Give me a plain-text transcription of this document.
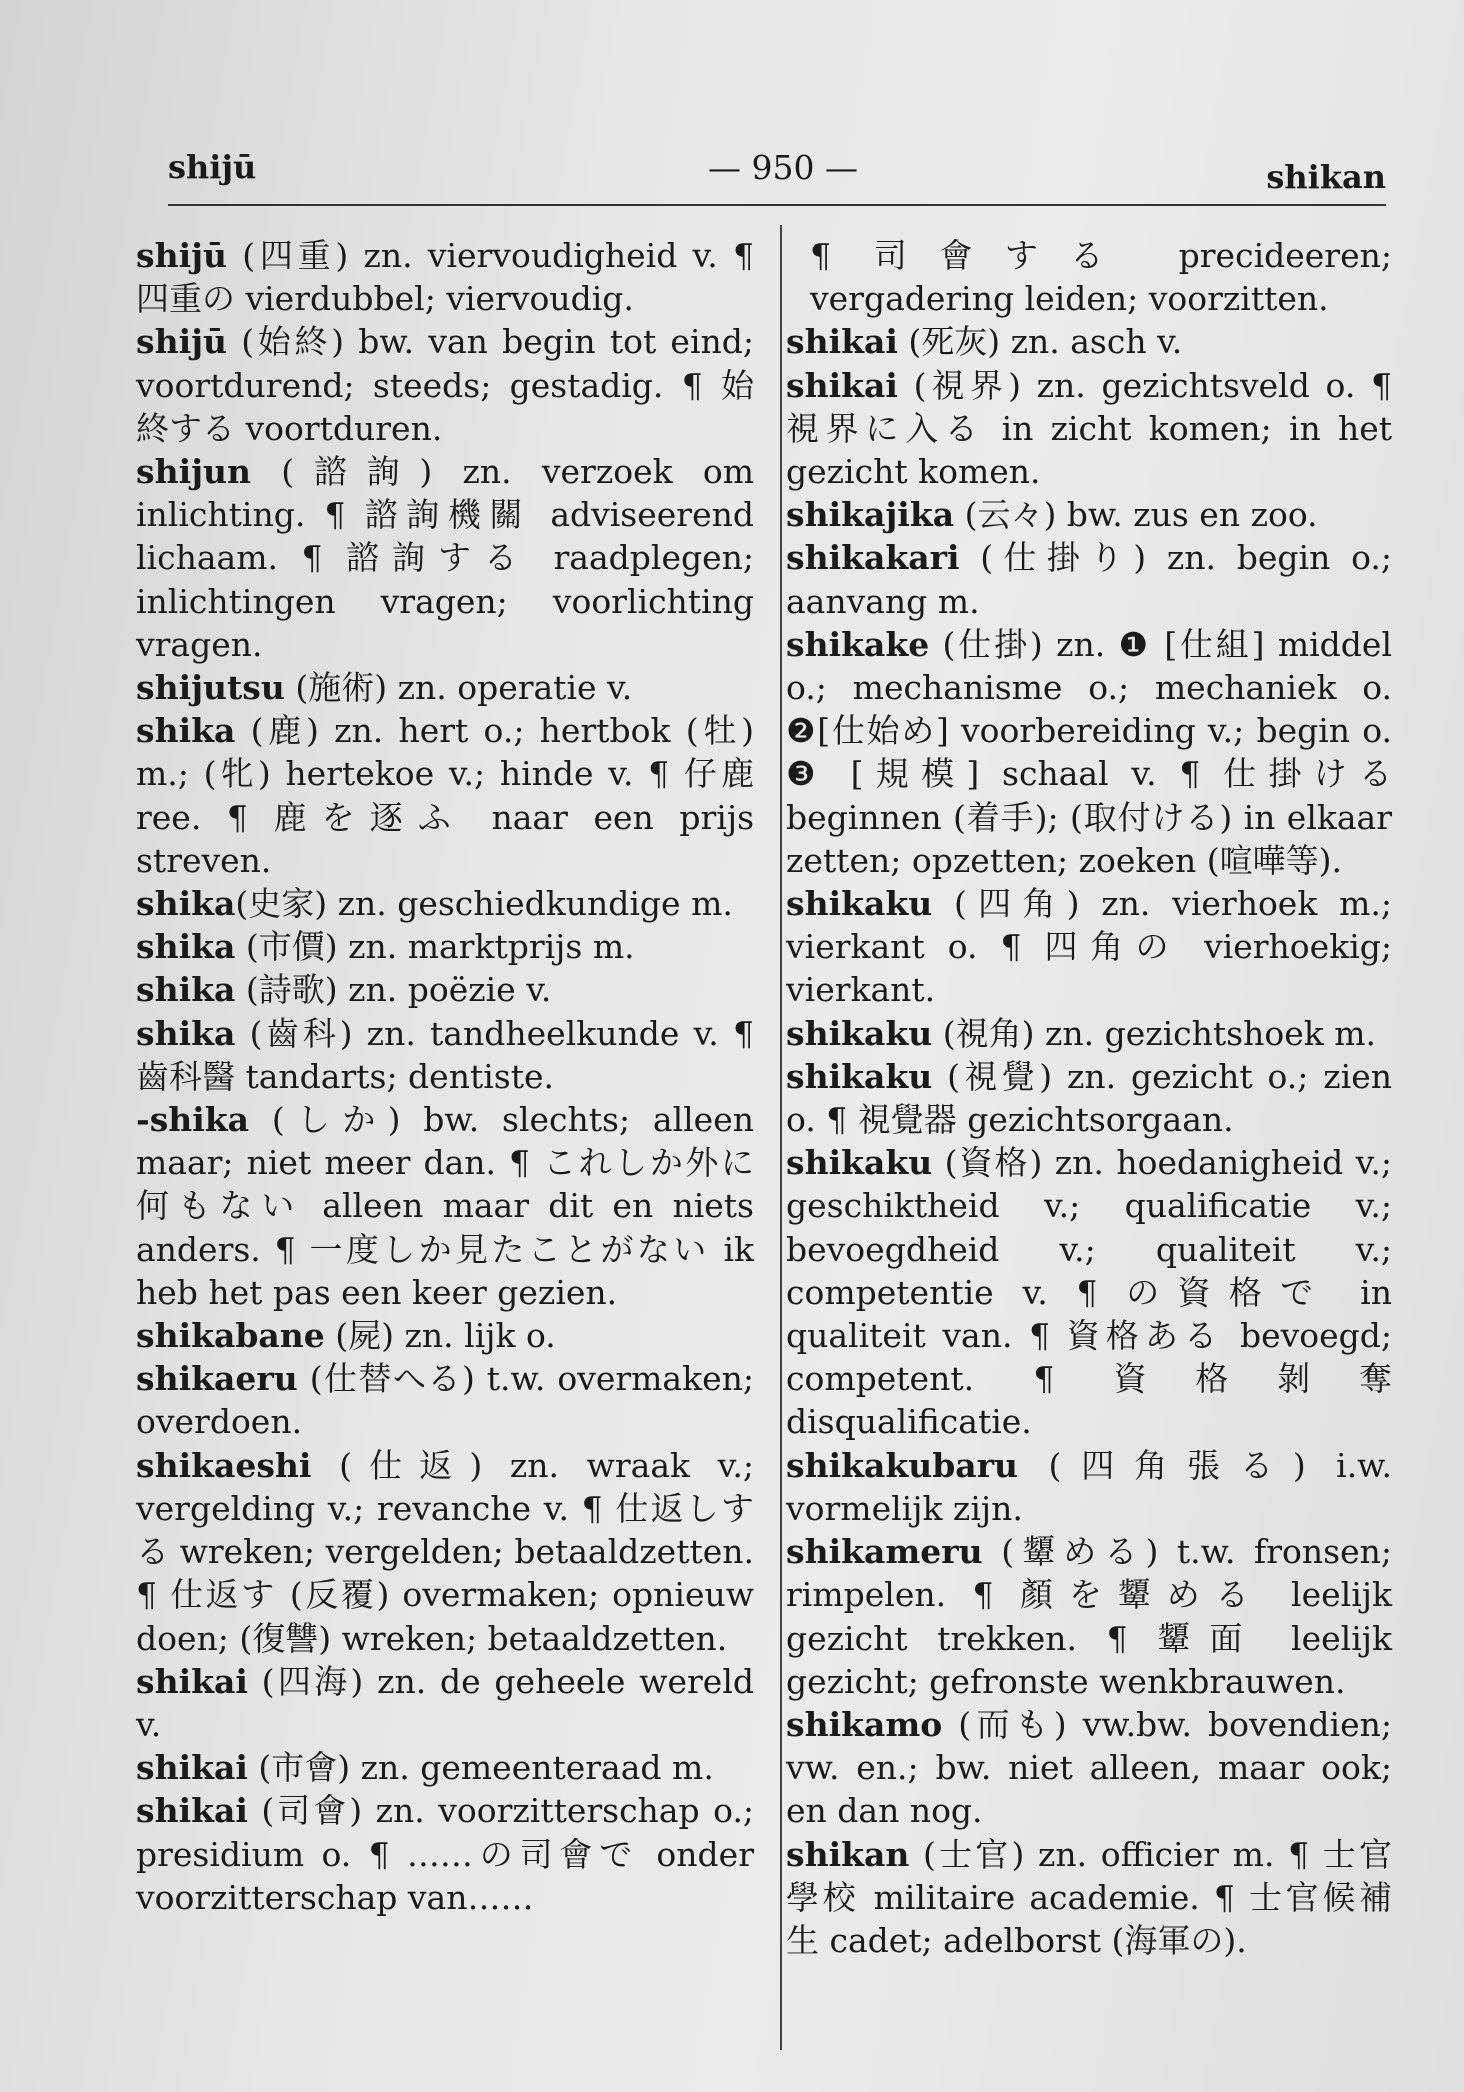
shijū	— 950 —	shikan

shijū (四重) zn. viervoudigheid v. ¶ 四重の vierdubbel; viervoudig.

shijū (始終) bw. van begin tot eind; voortdurend; steeds; gestadig. ¶ 始終する voortduren.

shijun (諮詢) zn. verzoek om inlichting. ¶ 諮詢機關 adviseerend lichaam. ¶ 諮詢する raadplegen; inlichtingen vragen; voorlichting vragen.

shijutsu (施術) zn. operatie v.

shika (鹿) zn. hert o.; hertbok (牡) m.; (牝) hertekoe v.; hinde v. ¶ 仔鹿 ree. ¶ 鹿を逐ふ naar een prijs streven.

shika(史家) zn. geschiedkundige m.

shika (市價) zn. marktprijs m.

shika (詩歌) zn. poëzie v.

shika (齒科) zn. tandheelkunde v. ¶ 齒科醫 tandarts; dentiste.

-shika (しか) bw. slechts; alleen maar; niet meer dan. ¶ これしか外に何もない alleen maar dit en niets anders. ¶ 一度しか見たことがない ik heb het pas een keer gezien.

shikabane (屍) zn. lijk o.

shikaeru (仕替へる) t.w. overmaken; overdoen.

shikaeshi (仕返) zn. wraak v.; vergelding v.; revanche v. ¶ 仕返しする wreken; vergelden; betaaldzetten. ¶ 仕返す (反覆) overmaken; opnieuw doen; (復讐) wreken; betaaldzetten.

shikai (四海) zn. de geheele wereld v.

shikai (市會) zn. gemeenteraad m.

shikai (司會) zn. voorzitterschap o.; presidium o. ¶ ……の司會で onder voorzitterschap van……

¶ 司會する precideeren; vergadering leiden; voorzitten.

shikai (死灰) zn. asch v.

shikai (視界) zn. gezichtsveld o. ¶ 視界に入る in zicht komen; in het gezicht komen.

shikajika (云々) bw. zus en zoo.

shikakari (仕掛り) zn. begin o.; aanvang m.

shikake (仕掛) zn. ❶ [仕組] middel o.; mechanisme o.; mechaniek o. ❷[仕始め] voorbereiding v.; begin o. ❸ [規模] schaal v. ¶ 仕掛ける beginnen (着手); (取付ける) in elkaar zetten; opzetten; zoeken (喧嘩等).

shikaku (四角) zn. vierhoek m.; vierkant o. ¶ 四角の vierhoekig; vierkant.

shikaku (視角) zn. gezichtshoek m.

shikaku (視覺) zn. gezicht o.; zien o. ¶ 視覺器 gezichtsorgaan.

shikaku (資格) zn. hoedanigheid v.; geschiktheid v.; qualificatie v.; bevoegdheid v.; qualiteit v.; competentie v. ¶ の資格で in qualiteit van. ¶ 資格ある bevoegd; competent. ¶ 資格剝奪 disqualificatie.

shikakubaru (四角張る) i.w. vormelijk zijn.

shikameru (顰める) t.w. fronsen; rimpelen. ¶ 顏を顰める leelijk gezicht trekken. ¶ 顰面 leelijk gezicht; gefronste wenkbrauwen.

shikamo (而も) vw.bw. bovendien; vw. en.; bw. niet alleen, maar ook; en dan nog.

shikan (士官) zn. officier m. ¶ 士官學校 militaire academie. ¶ 士官候補生 cadet; adelborst (海軍の).
